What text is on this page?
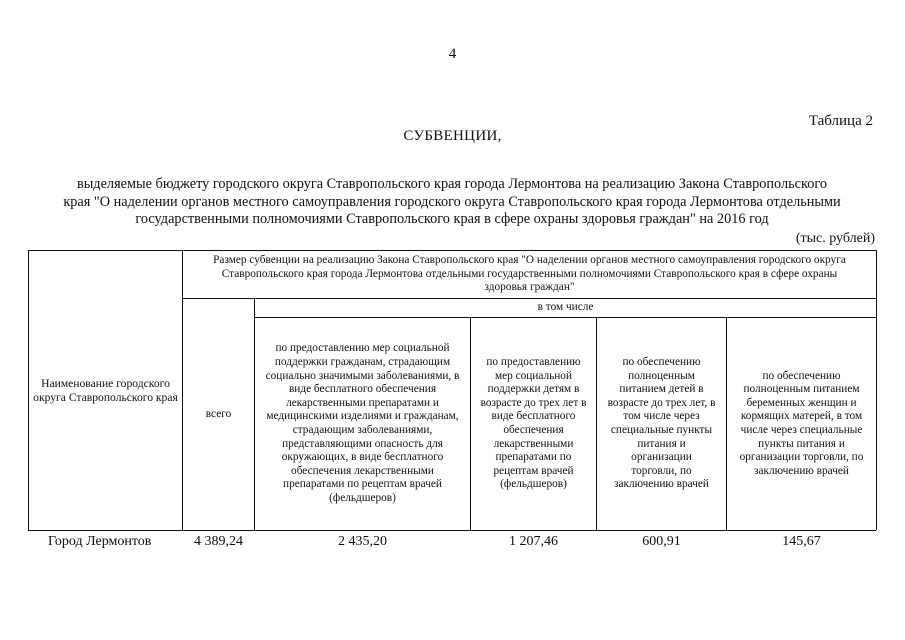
4
Таблица 2
СУБВЕНЦИИ,
выделяемые бюджету городского округа Ставропольского края города Лермонтова на реализацию Закона Ставропольского
края "О наделении органов местного самоуправления городского округа Ставропольского края города Лермонтова отдельными
государственными полномочиями Ставропольского края в сфере охраны здоровья граждан" на 2016 год
(тыс. рублей)
Наименование городского округа Ставропольского края
Размер субвенции на реализацию Закона Ставропольского края "О наделении органов местного самоуправления городского округа Ставропольского края города Лермонтова отдельными государственными полномочиями Ставропольского края в сфере охраны здоровья граждан"
всего
в том числе
по предоставлению мер социальной поддержки гражданам, страдающим социально значимыми заболеваниями, в виде бесплатного обеспечения лекарственными препаратами и медицинскими изделиями и гражданам, страдающим заболеваниями, представляющими опасность для окружающих, в виде бесплатного обеспечения лекарственными препаратами по рецептам врачей (фельдшеров)
по предоставлению мер социальной поддержки детям в возрасте до трех лет в виде бесплатного обеспечения лекарственными препаратами по рецептам врачей (фельдшеров)
по обеспечению полноценным питанием детей в возрасте до трех лет, в том числе через специальные пункты питания и организации торговли, по заключению врачей
по обеспечению полноценным питанием беременных женщин и кормящих матерей, в том числе через специальные пункты питания и организации торговли, по заключению врачей
Город Лермонтов	4 389,24	2 435,20	1 207,46	600,91	145,67
